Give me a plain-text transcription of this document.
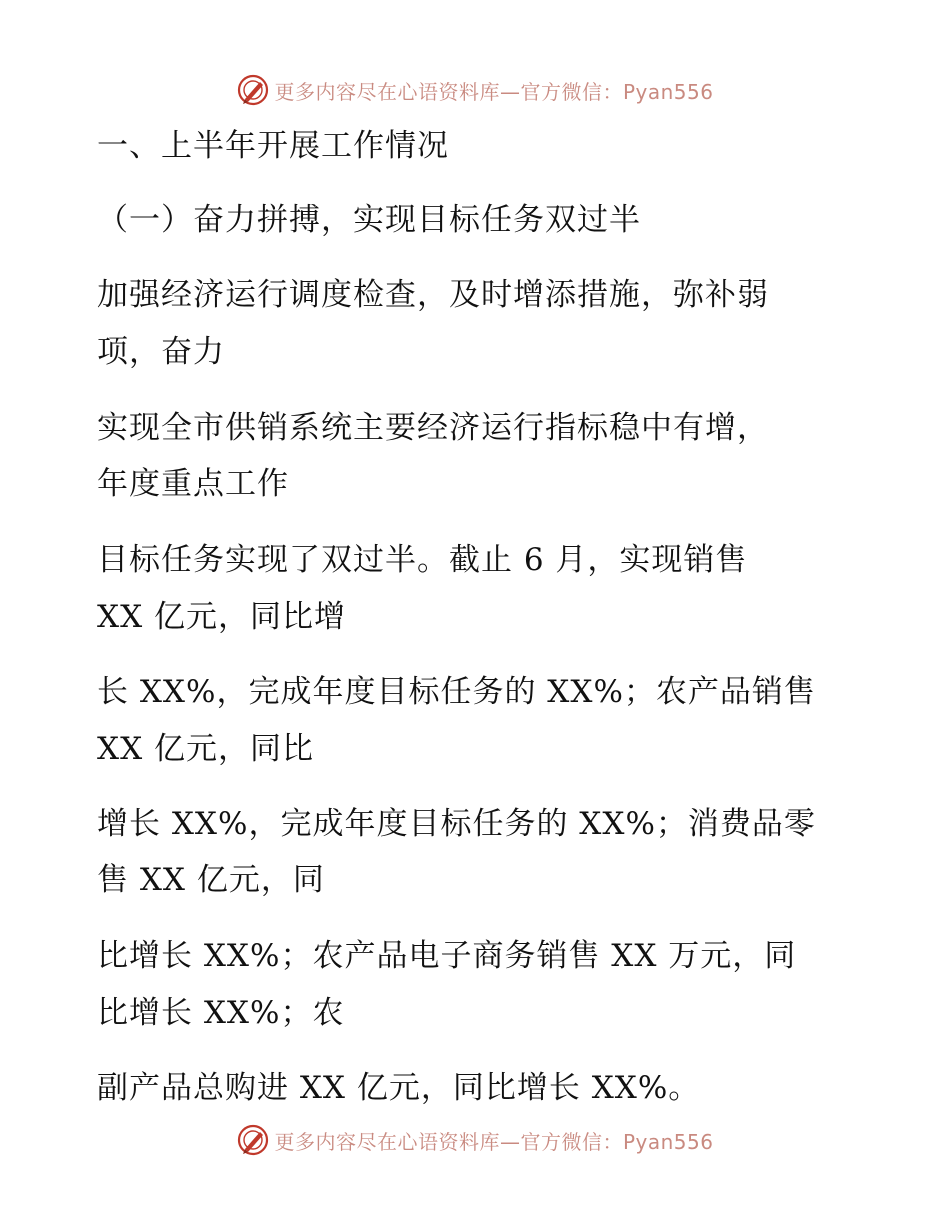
更多内容尽在心语资料库—官方微信：Pyan556
一、上半年开展工作情况
（一）奋力拼搏，实现目标任务双过半
加强经济运行调度检查，及时增添措施，弥补弱
项，奋力
实现全市供销系统主要经济运行指标稳中有增，
年度重点工作
目标任务实现了双过半。截止 6 月，实现销售
XX 亿元，同比增
长 XX%，完成年度目标任务的 XX%；农产品销售
XX 亿元，同比
增长 XX%，完成年度目标任务的 XX%；消费品零
售 XX 亿元，同
比增长 XX%；农产品电子商务销售 XX 万元，同
比增长 XX%；农
副产品总购进 XX 亿元，同比增长 XX%。
更多内容尽在心语资料库—官方微信：Pyan556
